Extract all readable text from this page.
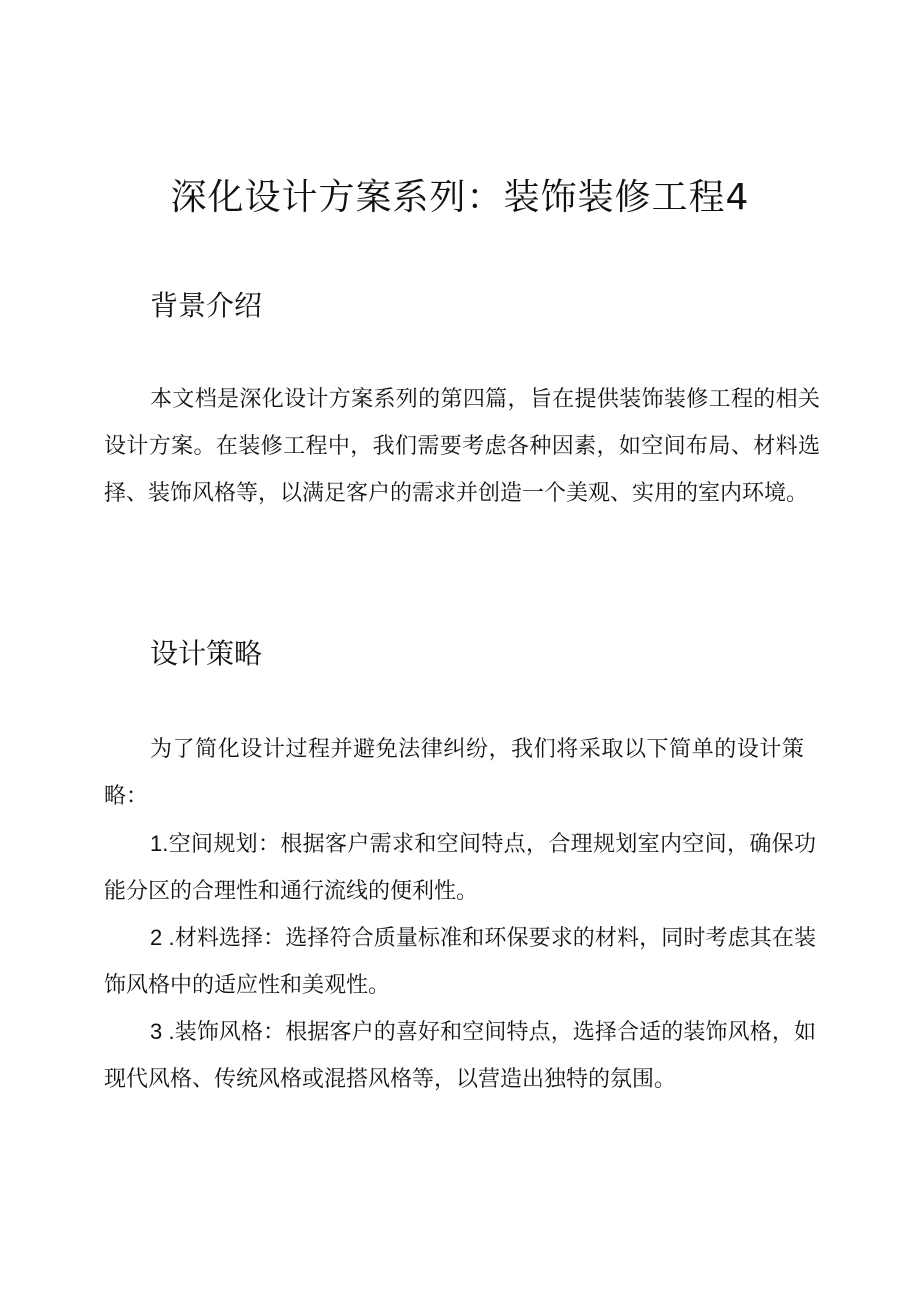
深化设计方案系列：装饰装修工程4
背景介绍

本文档是深化设计方案系列的第四篇，旨在提供装饰装修工程的相关设计方案。在装修工程中，我们需要考虑各种因素，如空间布局、材料选择、装饰风格等，以满足客户的需求并创造一个美观、实用的室内环境。

设计策略

为了简化设计过程并避免法律纠纷，我们将采取以下简单的设计策略：

1.空间规划：根据客户需求和空间特点，合理规划室内空间，确保功能分区的合理性和通行流线的便利性。

2 .材料选择：选择符合质量标准和环保要求的材料，同时考虑其在装饰风格中的适应性和美观性。

3 .装饰风格：根据客户的喜好和空间特点，选择合适的装饰风格，如现代风格、传统风格或混搭风格等，以营造出独特的氛围。
